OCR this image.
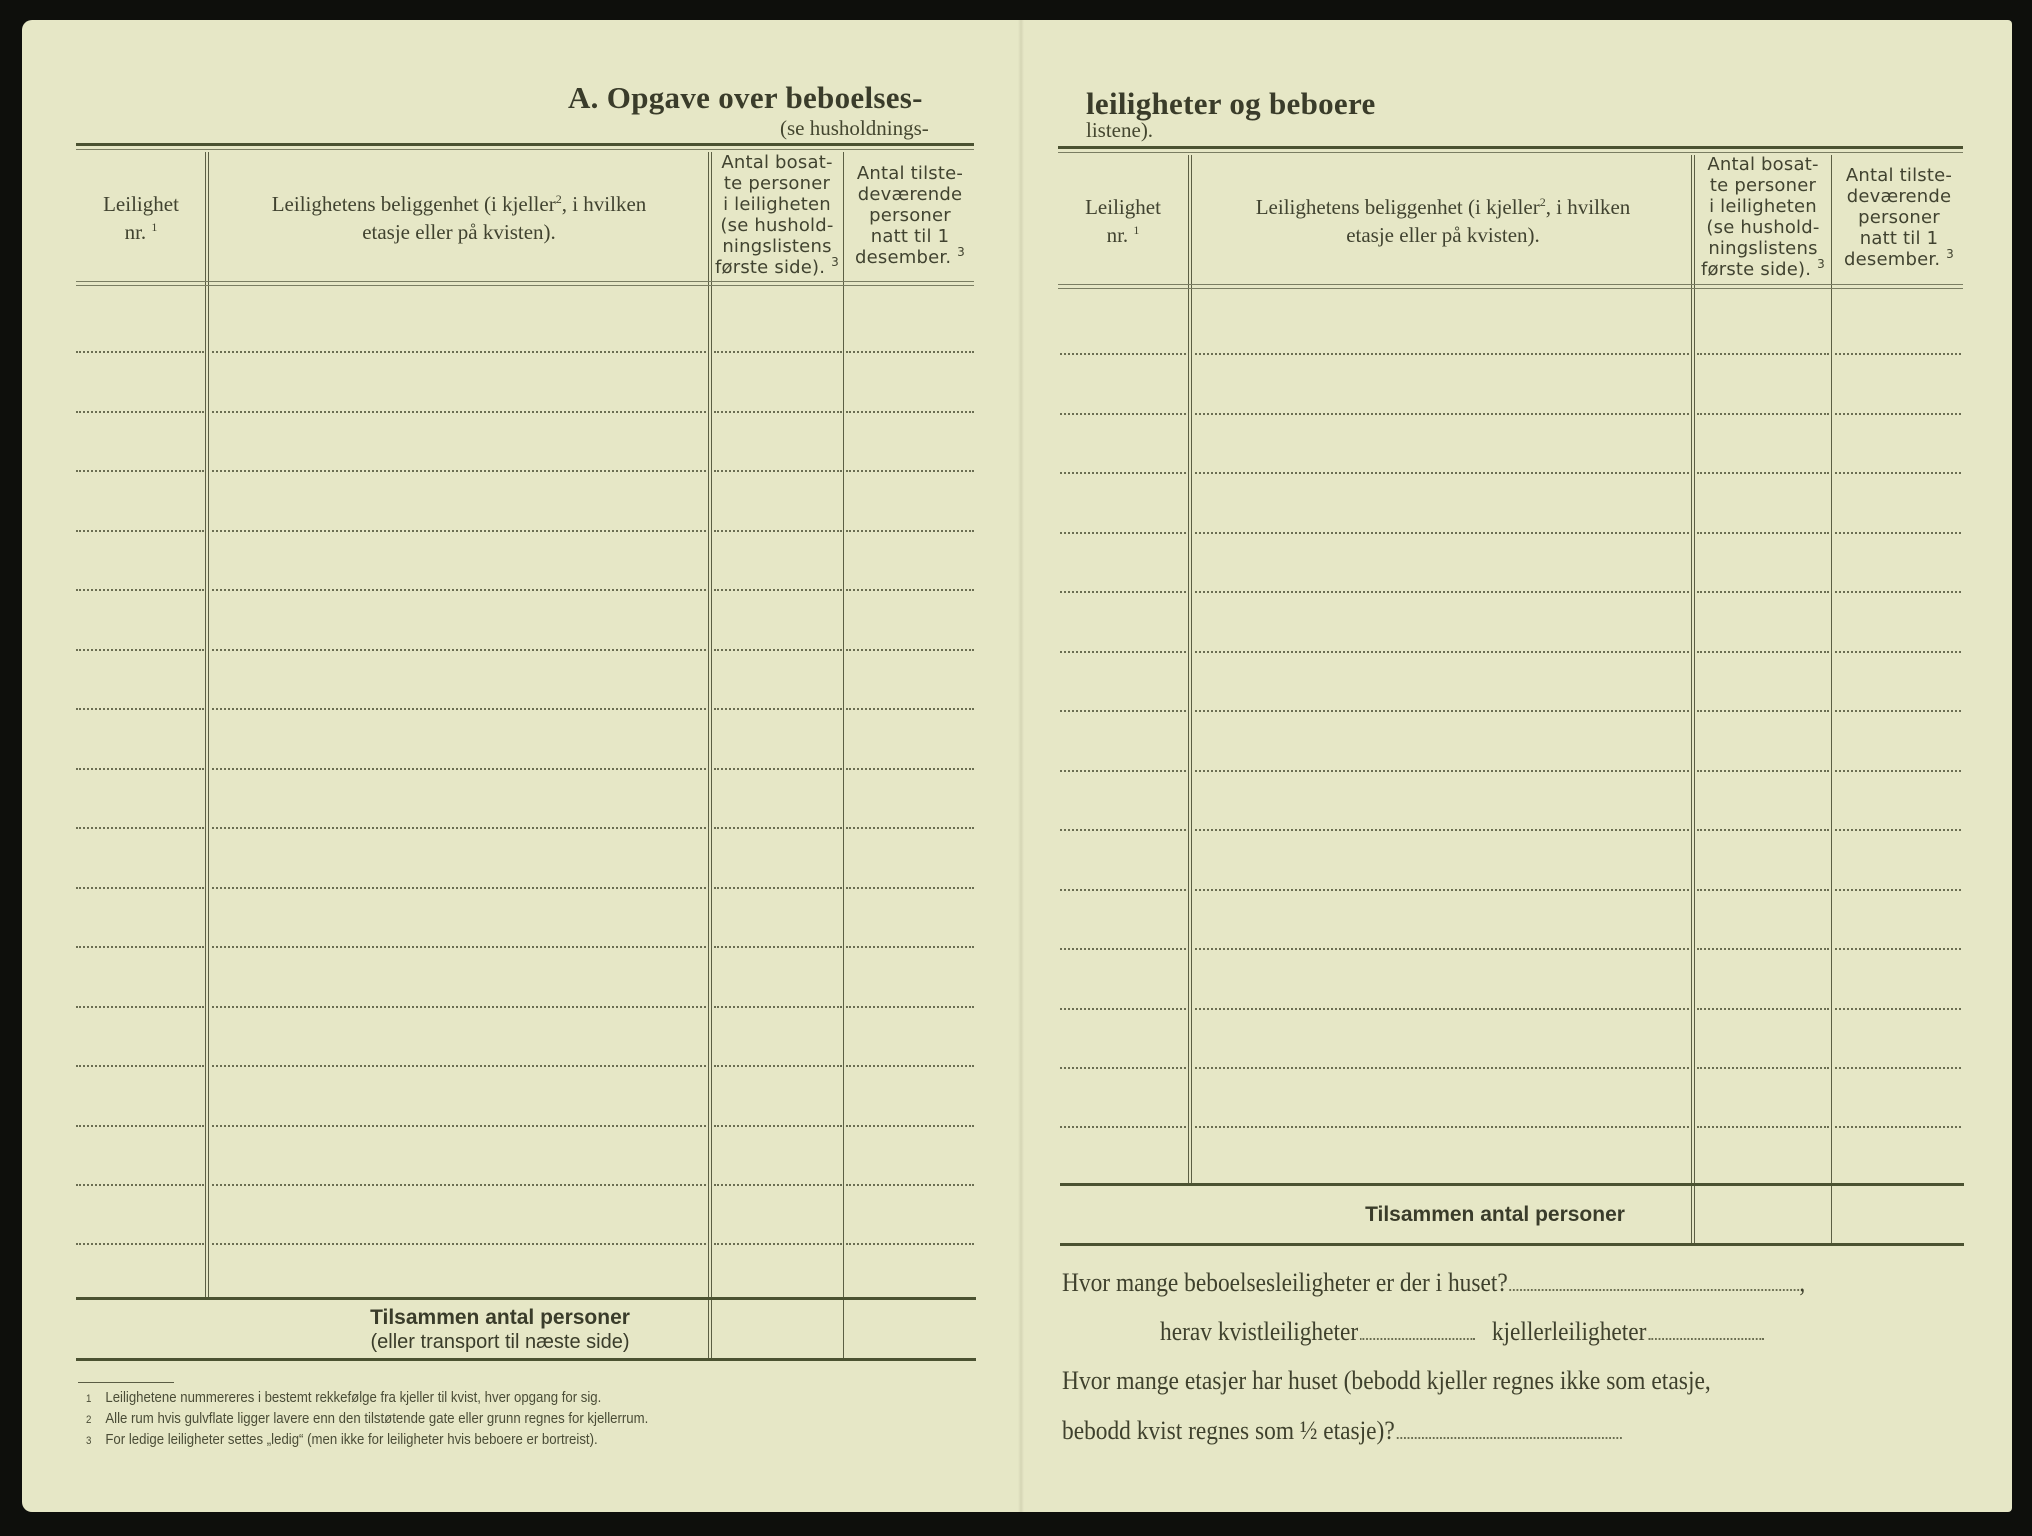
A. Opgave over beboelses-
(se husholdnings-
Leilighet
nr. $^1$
Leilighetens beliggenhet (i kjeller$^2$, i hvilken
etasje eller på kvisten).
Antal bosat-
te personer
i leiligheten
(se hushold-
ningslistens
første side). $^3$
Antal tilste-
deværende
personer
natt til 1
desember. $^3$
Tilsammen antal personer
(eller transport til næste side)
1 Leilighetene nummereres i bestemt rekkefølge fra kjeller til kvist, hver opgang for sig.
2 Alle rum hvis gulvflate ligger lavere enn den tilstøtende gate eller grunn regnes for kjellerrum.
3 For ledige leiligheter settes „ledig“ (men ikke for leiligheter hvis beboere er bortreist).
leiligheter og beboere
listene).
Leilighet
nr. $^1$
Leilighetens beliggenhet (i kjeller$^2$, i hvilken
etasje eller på kvisten).
Antal bosat-
te personer
i leiligheten
(se hushold-
ningslistens
første side). $^3$
Antal tilste-
deværende
personer
natt til 1
desember. $^3$
Tilsammen antal personer
Hvor mange beboelsesleiligheter er der i huset?	,
herav kvistleiligheter	kjellerleiligheter
Hvor mange etasjer har huset (bebodd kjeller regnes ikke som etasje,
bebodd kvist regnes som ½ etasje)?
